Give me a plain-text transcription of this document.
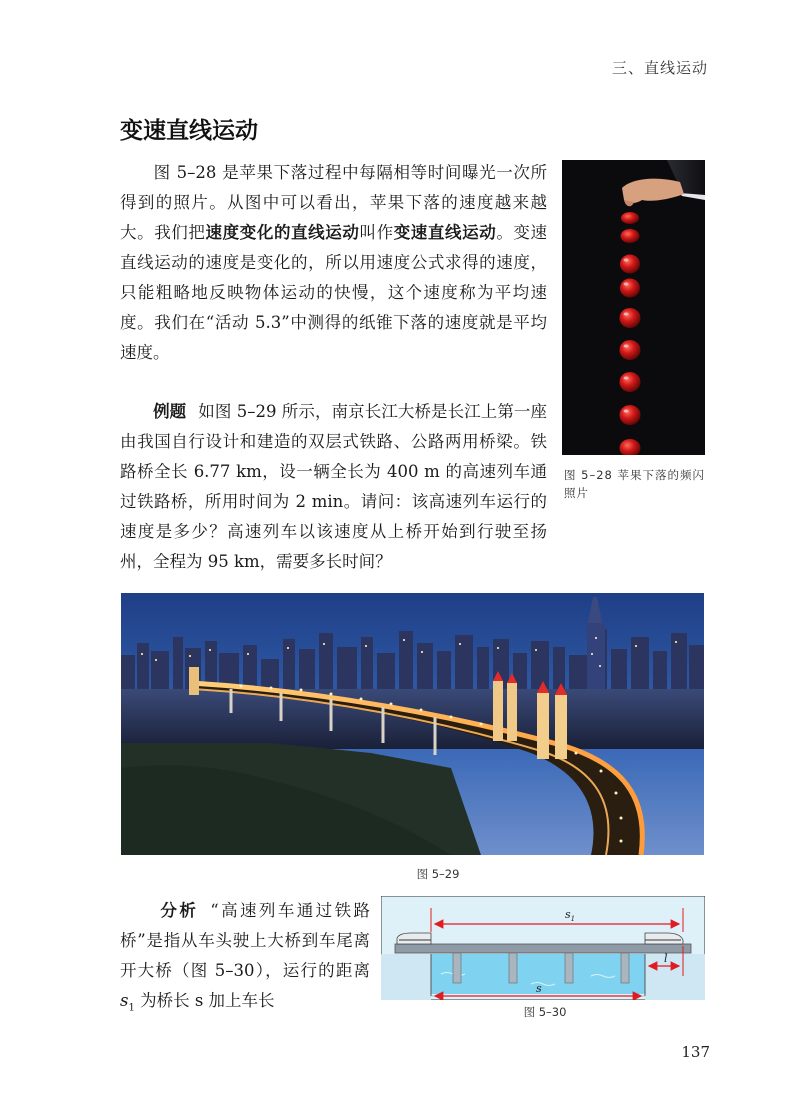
三、直线运动
变速直线运动
图 5–28 是苹果下落过程中每隔相等时间曝光一次所得到的照片。从图中可以看出，苹果下落的速度越来越大。我们把速度变化的直线运动叫作变速直线运动。变速直线运动的速度是变化的，所以用速度公式求得的速度，只能粗略地反映物体运动的快慢，这个速度称为平均速度。我们在“活动 5.3”中测得的纸锥下落的速度就是平均速度。
例题 如图 5–29 所示，南京长江大桥是长江上第一座由我国自行设计和建造的双层式铁路、公路两用桥梁。铁路桥全长 6.77 km，设一辆全长为 400 m 的高速列车通过铁路桥，所用时间为 2 min。请问：该高速列车运行的速度是多少？高速列车以该速度从上桥开始到行驶至扬州，全程为 95 km，需要多长时间？
图 5–28 苹果下落的频闪照片
图 5–29
分析 “高速列车通过铁路桥”是指从车头驶上大桥到车尾离开大桥（图 5–30），运行的距离 $s_1$ 为桥长 s 加上车长
$s_1$
s
l
图 5–30
137
